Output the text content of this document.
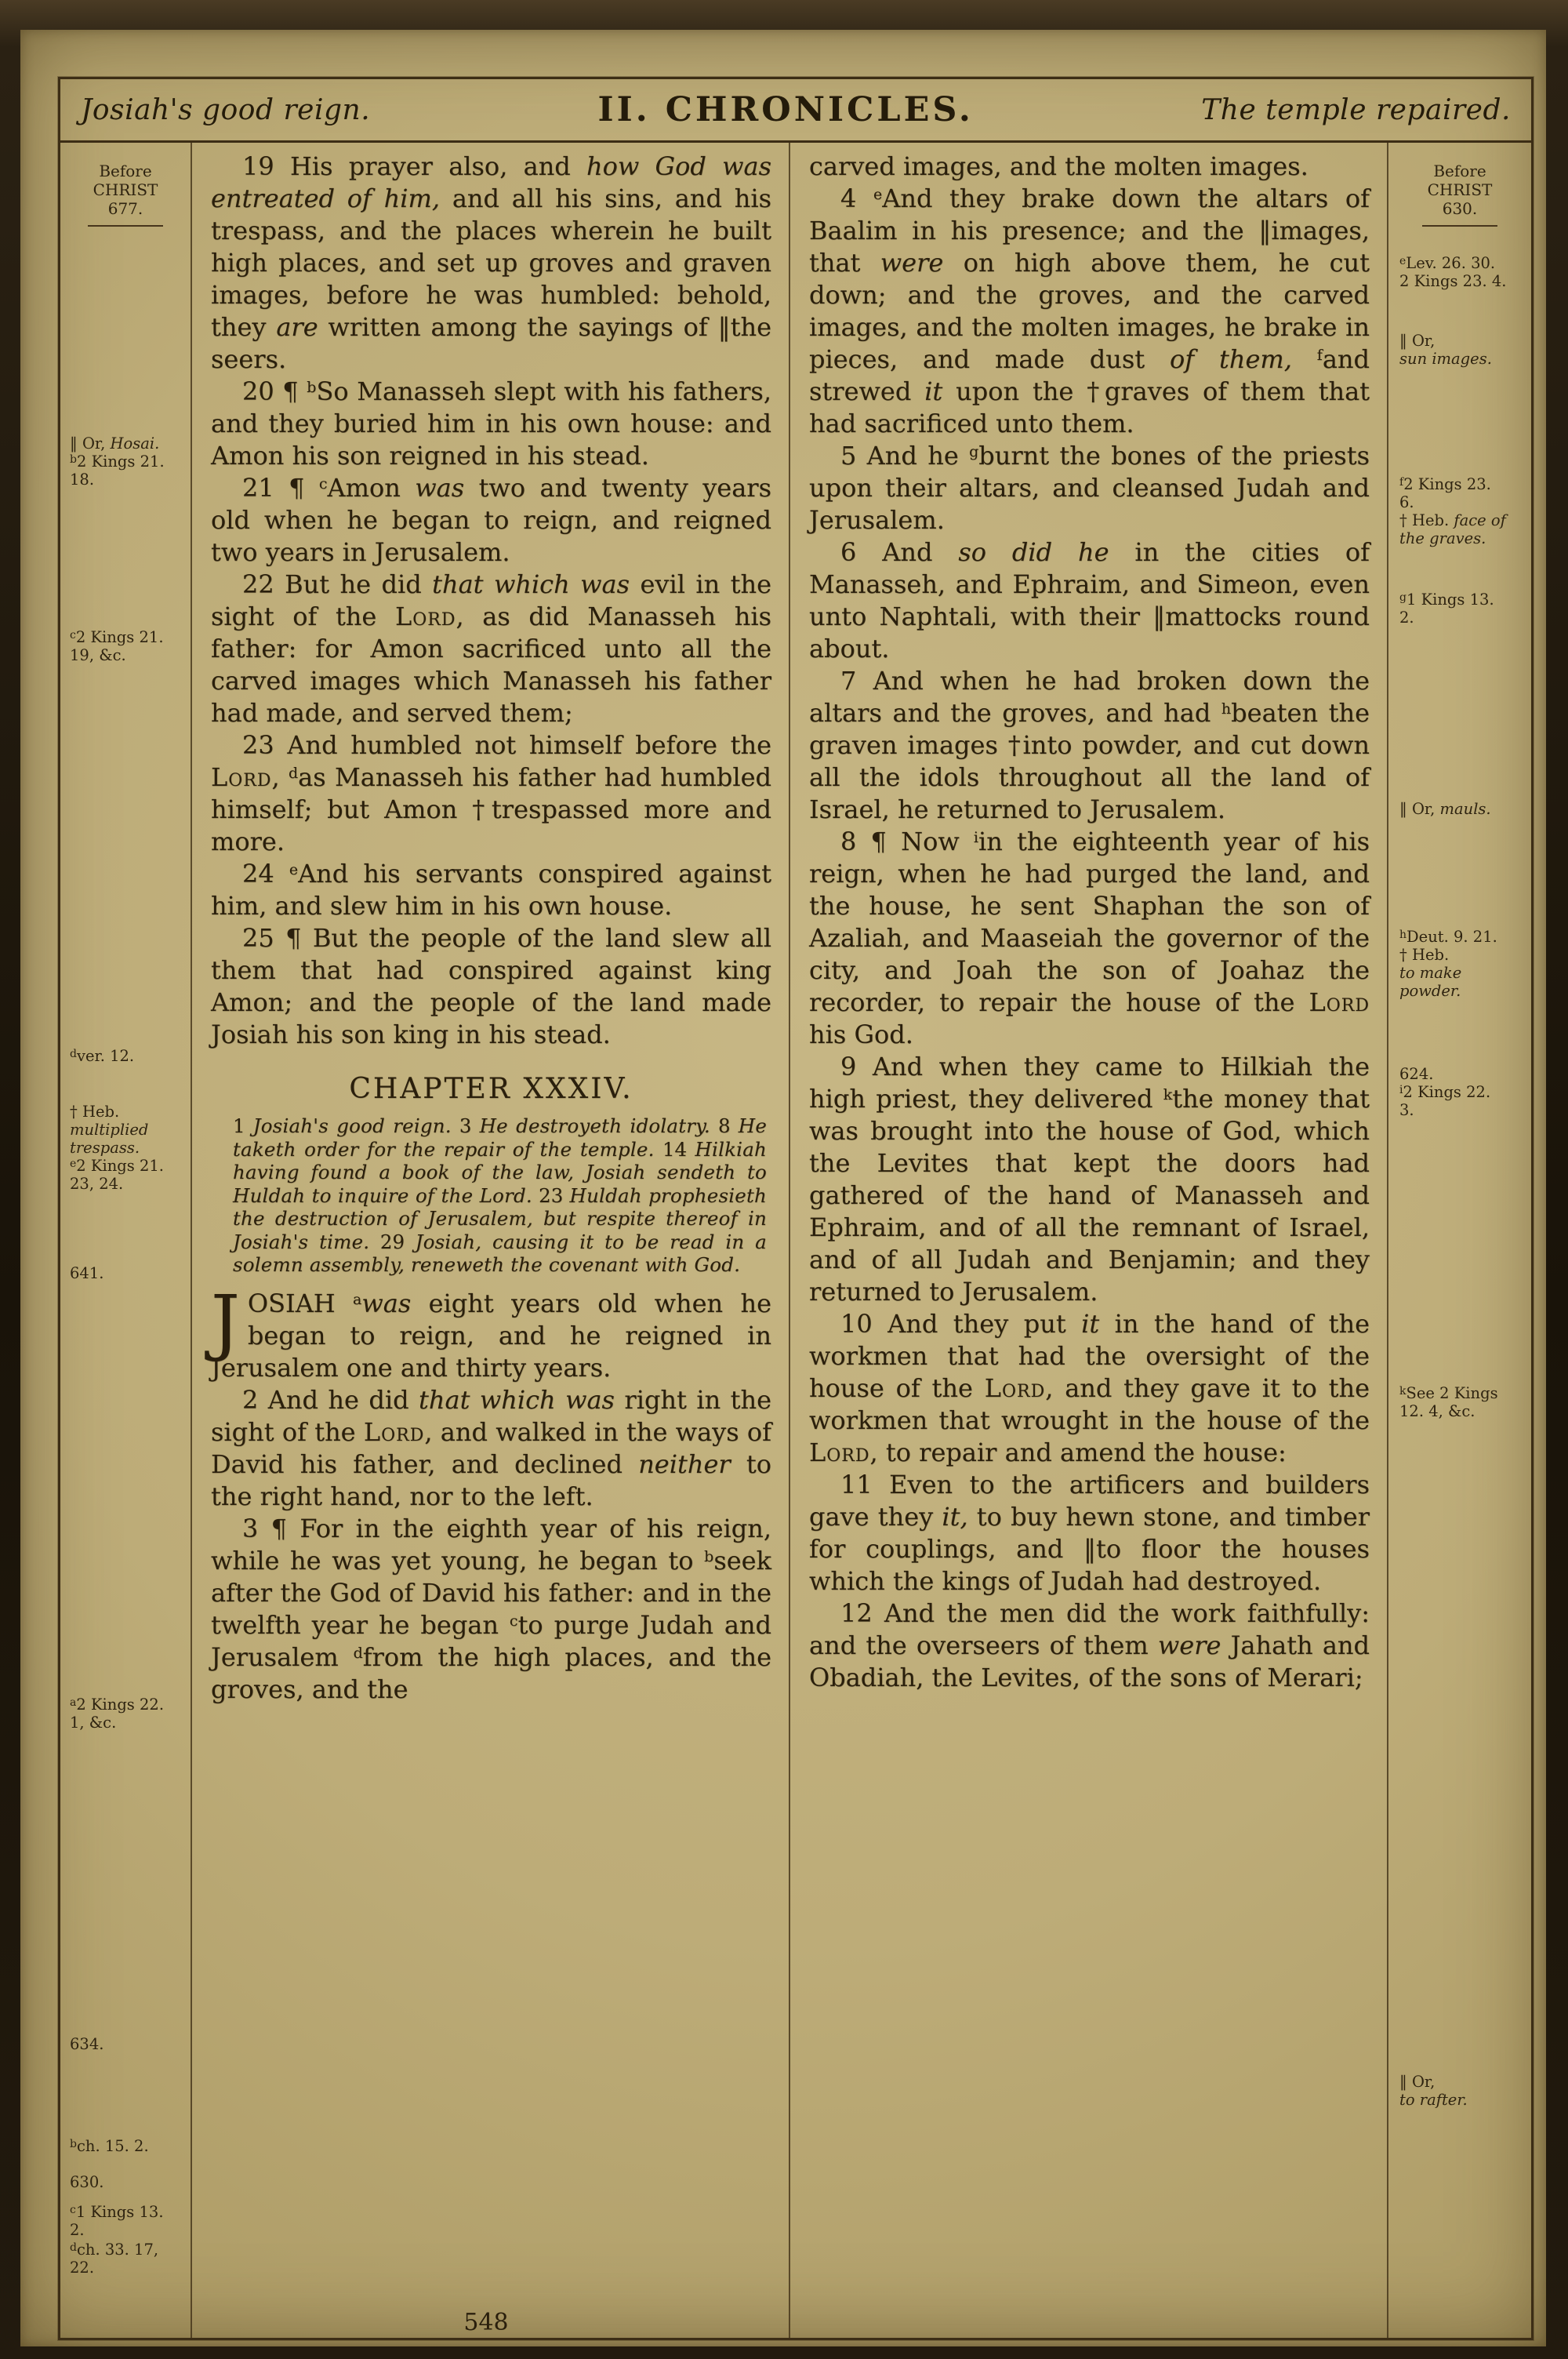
Josiah's good reign.	II. CHRONICLES.	The temple repaired.
Before
CHRIST
677.
‖ Or, Hosai.
$^b$2 Kings 21.
18.
$^c$2 Kings 21.
19, &c.
$^d$ver. 12.
† Heb.
multiplied
trespass.
$^e$2 Kings 21.
23, 24.
641.
$^a$2 Kings 22.
1, &c.
634.
$^b$ch. 15. 2.
630.
$^c$1 Kings 13.
2.
$^d$ch. 33. 17,
22.

19 His prayer also, and how God was entreated of him, and all his sins, and his trespass, and the places wherein he built high places, and set up groves and graven images, before he was humbled: behold, they are written among the sayings of ‖the seers.

20 ¶ $^b$So Manasseh slept with his fathers, and they buried him in his own house: and Amon his son reigned in his stead.

21 ¶ $^c$Amon was two and twenty years old when he began to reign, and reigned two years in Jerusalem.

22 But he did that which was evil in the sight of the Lord, as did Manasseh his father: for Amon sacrificed unto all the carved images which Manasseh his father had made, and served them;

23 And humbled not himself before the Lord, $^d$as Manasseh his father had humbled himself; but Amon †trespassed more and more.

24 $^e$And his servants conspired against him, and slew him in his own house.

25 ¶ But the people of the land slew all them that had conspired against king Amon; and the people of the land made Josiah his son king in his stead.

CHAPTER XXXIV.

1 Josiah's good reign. 3 He destroyeth idolatry. 8 He taketh order for the repair of the temple. 14 Hilkiah having found a book of the law, Josiah sendeth to Huldah to inquire of the Lord. 23 Huldah prophesieth the destruction of Jerusalem, but respite thereof in Josiah's time. 29 Josiah, causing it to be read in a solemn assembly, reneweth the covenant with God.

JOSIAH $^a$was eight years old when he began to reign, and he reigned in Jerusalem one and thirty years.

2 And he did that which was right in the sight of the Lord, and walked in the ways of David his father, and declined neither to the right hand, nor to the left.

3 ¶ For in the eighth year of his reign, while he was yet young, he began to $^b$seek after the God of David his father: and in the twelfth year he began $^c$to purge Judah and Jerusalem $^d$from the high places, and the groves, and the

carved images, and the molten images.

4 $^e$And they brake down the altars of Baalim in his presence; and the ‖images, that were on high above them, he cut down; and the groves, and the carved images, and the molten images, he brake in pieces, and made dust of them, $^f$and strewed it upon the †graves of them that had sacrificed unto them.

5 And he $^g$burnt the bones of the priests upon their altars, and cleansed Judah and Jerusalem.

6 And so did he in the cities of Manasseh, and Ephraim, and Simeon, even unto Naphtali, with their ‖mattocks round about.

7 And when he had broken down the altars and the groves, and had $^h$beaten the graven images †into powder, and cut down all the idols throughout all the land of Israel, he returned to Jerusalem.

8 ¶ Now $^i$in the eighteenth year of his reign, when he had purged the land, and the house, he sent Shaphan the son of Azaliah, and Maaseiah the governor of the city, and Joah the son of Joahaz the recorder, to repair the house of the Lord his God.

9 And when they came to Hilkiah the high priest, they delivered $^k$the money that was brought into the house of God, which the Levites that kept the doors had gathered of the hand of Manasseh and Ephraim, and of all the remnant of Israel, and of all Judah and Benjamin; and they returned to Jerusalem.

10 And they put it in the hand of the workmen that had the oversight of the house of the Lord, and they gave it to the workmen that wrought in the house of the Lord, to repair and amend the house:

11 Even to the artificers and builders gave they it, to buy hewn stone, and timber for couplings, and ‖to floor the houses which the kings of Judah had destroyed.

12 And the men did the work faithfully: and the overseers of them were Jahath and Obadiah, the Levites, of the sons of Merari;

Before
CHRIST
630.
$^e$Lev. 26. 30.
2 Kings 23. 4.
‖ Or,
sun images.
$^f$2 Kings 23.
6.
† Heb. face of
the graves.
$^g$1 Kings 13.
2.
‖ Or, mauls.
$^h$Deut. 9. 21.
† Heb.
to make
powder.
624.
$^i$2 Kings 22.
3.
$^k$See 2 Kings
12. 4, &c.
‖ Or,
to rafter.
548
